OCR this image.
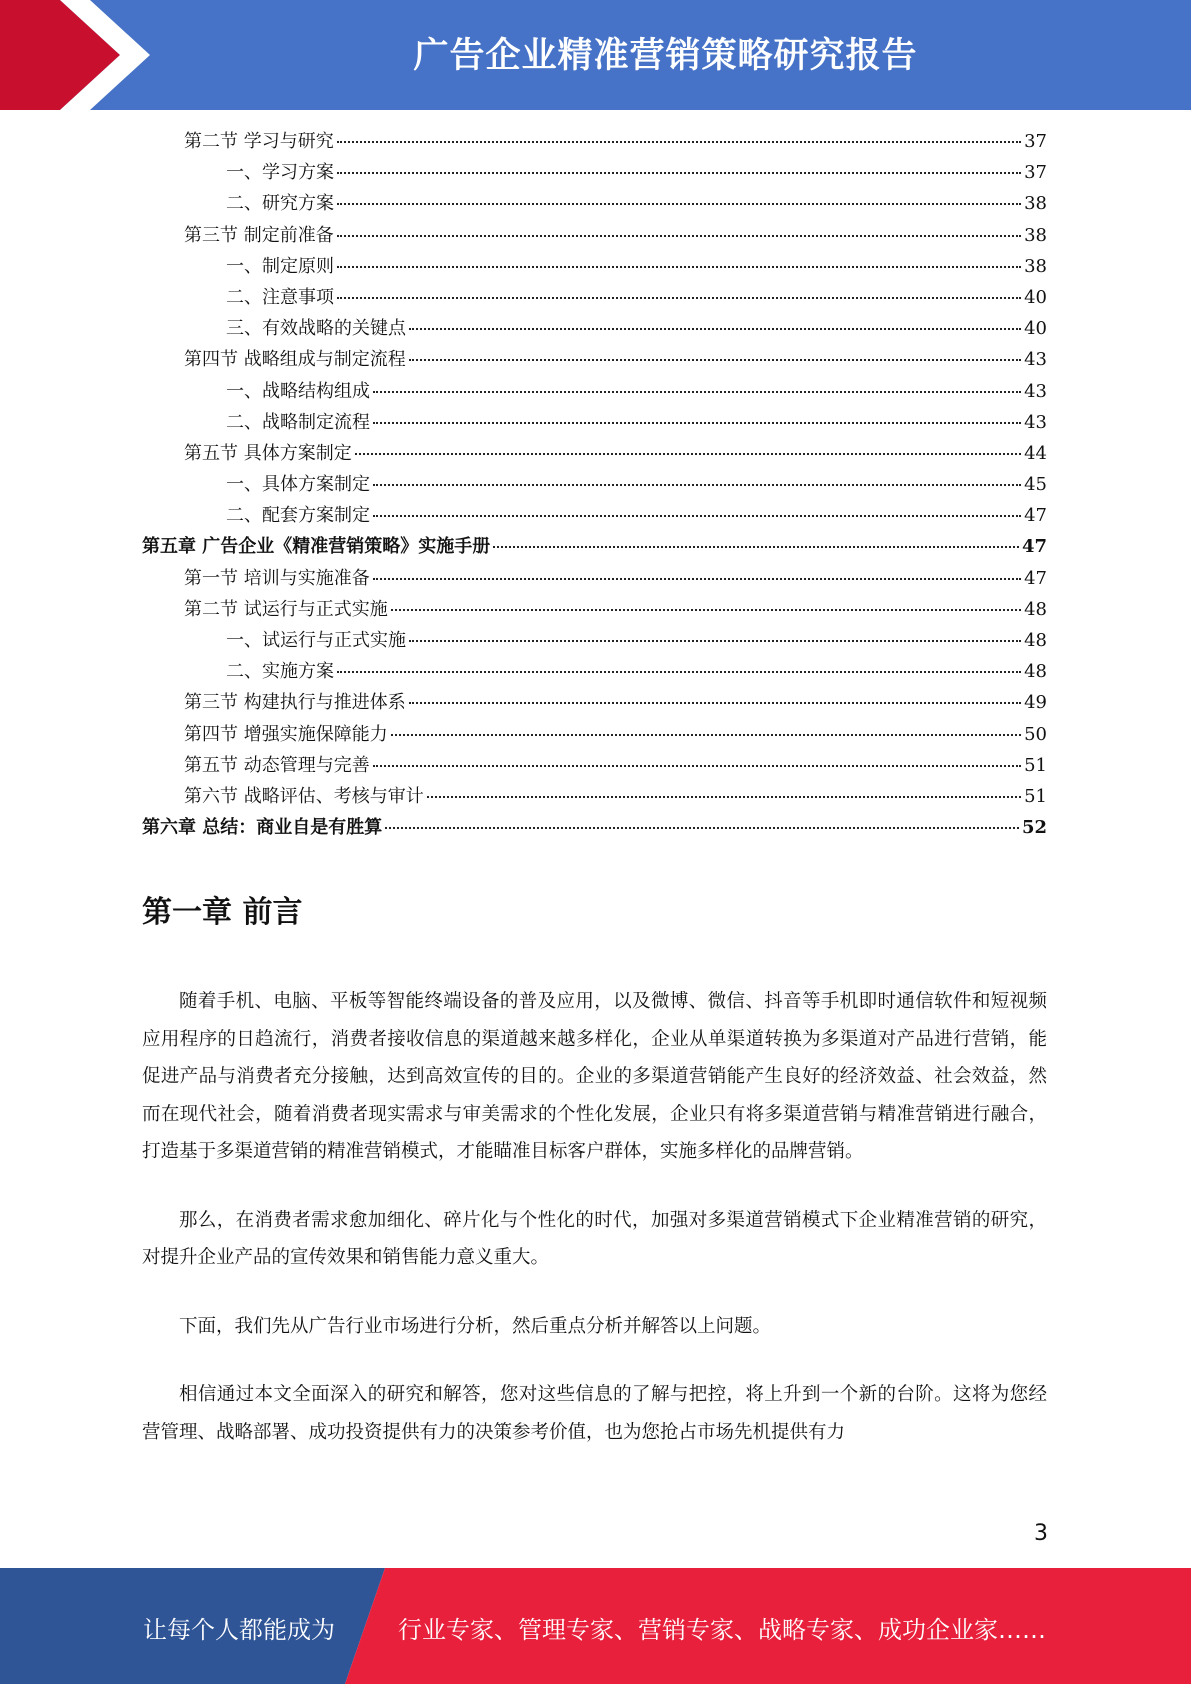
广告企业精准营销策略研究报告
第二节 学习与研究	37
一、学习方案	37
二、研究方案	38
第三节 制定前准备	38
一、制定原则	38
二、注意事项	40
三、有效战略的关键点	40
第四节 战略组成与制定流程	43
一、战略结构组成	43
二、战略制定流程	43
第五节 具体方案制定	44
一、具体方案制定	45
二、配套方案制定	47
第五章 广告企业《精准营销策略》实施手册	47
第一节 培训与实施准备	47
第二节 试运行与正式实施	48
一、试运行与正式实施	48
二、实施方案	48
第三节 构建执行与推进体系	49
第四节 增强实施保障能力	50
第五节 动态管理与完善	51
第六节 战略评估、考核与审计	51
第六章 总结：商业自是有胜算	52
第一章 前言

随着手机、电脑、平板等智能终端设备的普及应用，以及微博、微信、抖音等手机即时通信软件和短视频应用程序的日趋流行，消费者接收信息的渠道越来越多样化，企业从单渠道转换为多渠道对产品进行营销，能促进产品与消费者充分接触，达到高效宣传的目的。企业的多渠道营销能产生良好的经济效益、社会效益，然而在现代社会，随着消费者现实需求与审美需求的个性化发展，企业只有将多渠道营销与精准营销进行融合，打造基于多渠道营销的精准营销模式，才能瞄准目标客户群体，实施多样化的品牌营销。

那么，在消费者需求愈加细化、碎片化与个性化的时代，加强对多渠道营销模式下企业精准营销的研究，对提升企业产品的宣传效果和销售能力意义重大。

下面，我们先从广告行业市场进行分析，然后重点分析并解答以上问题。

相信通过本文全面深入的研究和解答，您对这些信息的了解与把控，将上升到一个新的台阶。这将为您经营管理、战略部署、成功投资提供有力的决策参考价值，也为您抢占市场先机提供有力

3
让每个人都能成为	行业专家、管理专家、营销专家、战略专家、成功企业家……
